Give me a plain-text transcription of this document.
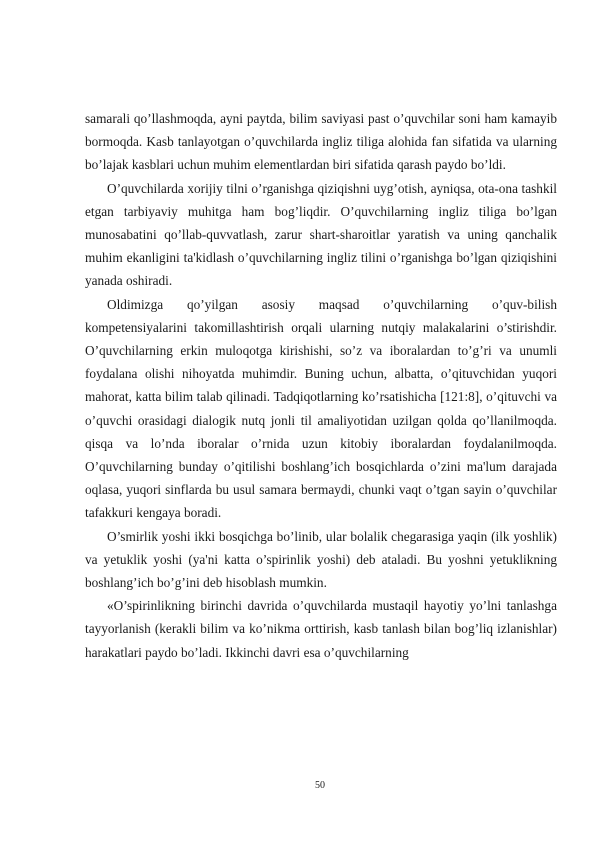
samarali qo’llashmoqda, ayni paytda, bilim saviyasi past o’quvchilar soni ham kamayib bormoqda. Kasb tanlayotgan o’quvchilarda ingliz tiliga alohida fan sifatida va ularning bo’lajak kasblari uchun muhim elementlardan biri sifatida qarash paydo bo’ldi.

O’quvchilarda xorijiy tilni o’rganishga qiziqishni uyg’otish, ayniqsa, ota-ona tashkil etgan tarbiyaviy muhitga ham bog’liqdir. O’quvchilarning ingliz tiliga bo’lgan munosabatini qo’llab-quvvatlash, zarur shart-sharoitlar yaratish va uning qanchalik muhim ekanligini ta'kidlash o’quvchilarning ingliz tilini o’rganishga bo’lgan qiziqishini yanada oshiradi.

Oldimizga qo’yilgan asosiy maqsad o’quvchilarning o’quv-bilish kompetensiyalarini takomillashtirish orqali ularning nutqiy malakalarini o’stirishdir. O’quvchilarning erkin muloqotga kirishishi, so’z va iboralardan to’g’ri va unumli foydalana olishi nihoyatda muhimdir. Buning uchun, albatta, o’qituvchidan yuqori mahorat, katta bilim talab qilinadi. Tadqiqotlarning ko’rsatishicha [121:8], o’qituvchi va o’quvchi orasidagi dialogik nutq jonli til amaliyotidan uzilgan qolda qo’llanilmoqda. qisqa va lo’nda iboralar o’rnida uzun kitobiy iboralardan foydalanilmoqda. O’quvchilarning bunday o’qitilishi boshlang’ich bosqichlarda o’zini ma'lum darajada oqlasa, yuqori sinflarda bu usul samara bermaydi, chunki vaqt o’tgan sayin o’quvchilar tafakkuri kengaya boradi.

O’smirlik yoshi ikki bosqichga bo’linib, ular bolalik chegarasiga yaqin (ilk yoshlik) va yetuklik yoshi (ya'ni katta o’spirinlik yoshi) deb ataladi. Bu yoshni yetuklikning boshlang’ich bo’g’ini deb hisoblash mumkin.

«O’spirinlikning birinchi davrida o’quvchilarda mustaqil hayotiy yo’lni tanlashga tayyorlanish (kerakli bilim va ko’nikma orttirish, kasb tanlash bilan bog’liq izlanishlar) harakatlari paydo bo’ladi. Ikkinchi davri esa o’quvchilarning

50
